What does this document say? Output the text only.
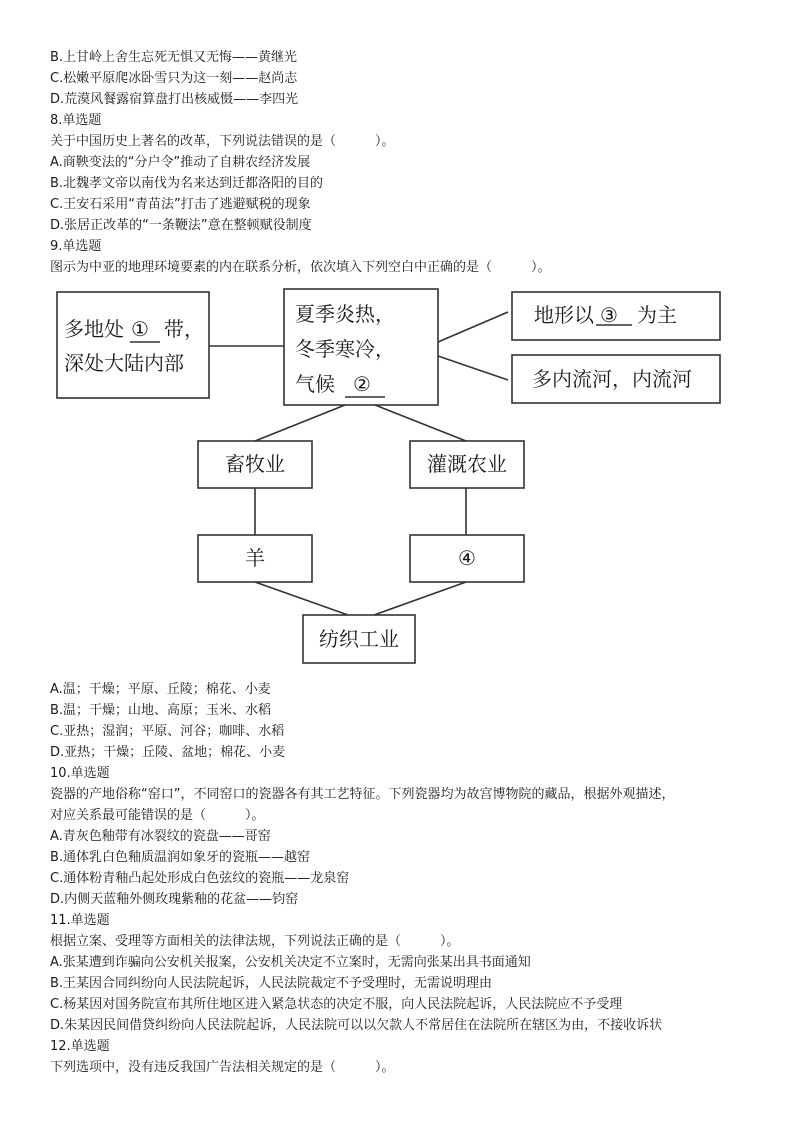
B.上甘岭上舍生忘死无惧又无悔——黄继光
C.松嫩平原爬冰卧雪只为这一刻——赵尚志
D.荒漠风餐露宿算盘打出核威慑——李四光
8.单选题
关于中国历史上著名的改革，下列说法错误的是（　　　）。
A.商鞅变法的“分户令”推动了自耕农经济发展
B.北魏孝文帝以南伐为名来达到迁都洛阳的目的
C.王安石采用“青苗法”打击了逃避赋税的现象
D.张居正改革的“一条鞭法”意在整顿赋役制度
9.单选题
图示为中亚的地理环境要素的内在联系分析，依次填入下列空白中正确的是（　　　）。
多地处 ① 带，
深处大陆内部
夏季炎热，
冬季寒冷，
气候 ②
地形以 ③ 为主
多内流河，内流河
畜牧业	灌溉农业
羊	④
纺织工业
A.温；干燥；平原、丘陵；棉花、小麦
B.温；干燥；山地、高原；玉米、水稻
C.亚热；湿润；平原、河谷；咖啡、水稻
D.亚热；干燥；丘陵、盆地；棉花、小麦
10.单选题
瓷器的产地俗称“窑口”，不同窑口的瓷器各有其工艺特征。下列瓷器均为故宫博物院的藏品，根据外观描述，
对应关系最可能错误的是（　　　）。
A.青灰色釉带有冰裂纹的瓷盘——哥窑
B.通体乳白色釉质温润如象牙的瓷瓶——越窑
C.通体粉青釉凸起处形成白色弦纹的瓷瓶——龙泉窑
D.内侧天蓝釉外侧玫瑰紫釉的花盆——钧窑
11.单选题
根据立案、受理等方面相关的法律法规，下列说法正确的是（　　　）。
A.张某遭到诈骗向公安机关报案，公安机关决定不立案时，无需向张某出具书面通知
B.王某因合同纠纷向人民法院起诉，人民法院裁定不予受理时，无需说明理由
C.杨某因对国务院宣布其所住地区进入紧急状态的决定不服，向人民法院起诉，人民法院应不予受理
D.朱某因民间借贷纠纷向人民法院起诉，人民法院可以以欠款人不常居住在法院所在辖区为由，不接收诉状
12.单选题
下列选项中，没有违反我国广告法相关规定的是（　　　）。
